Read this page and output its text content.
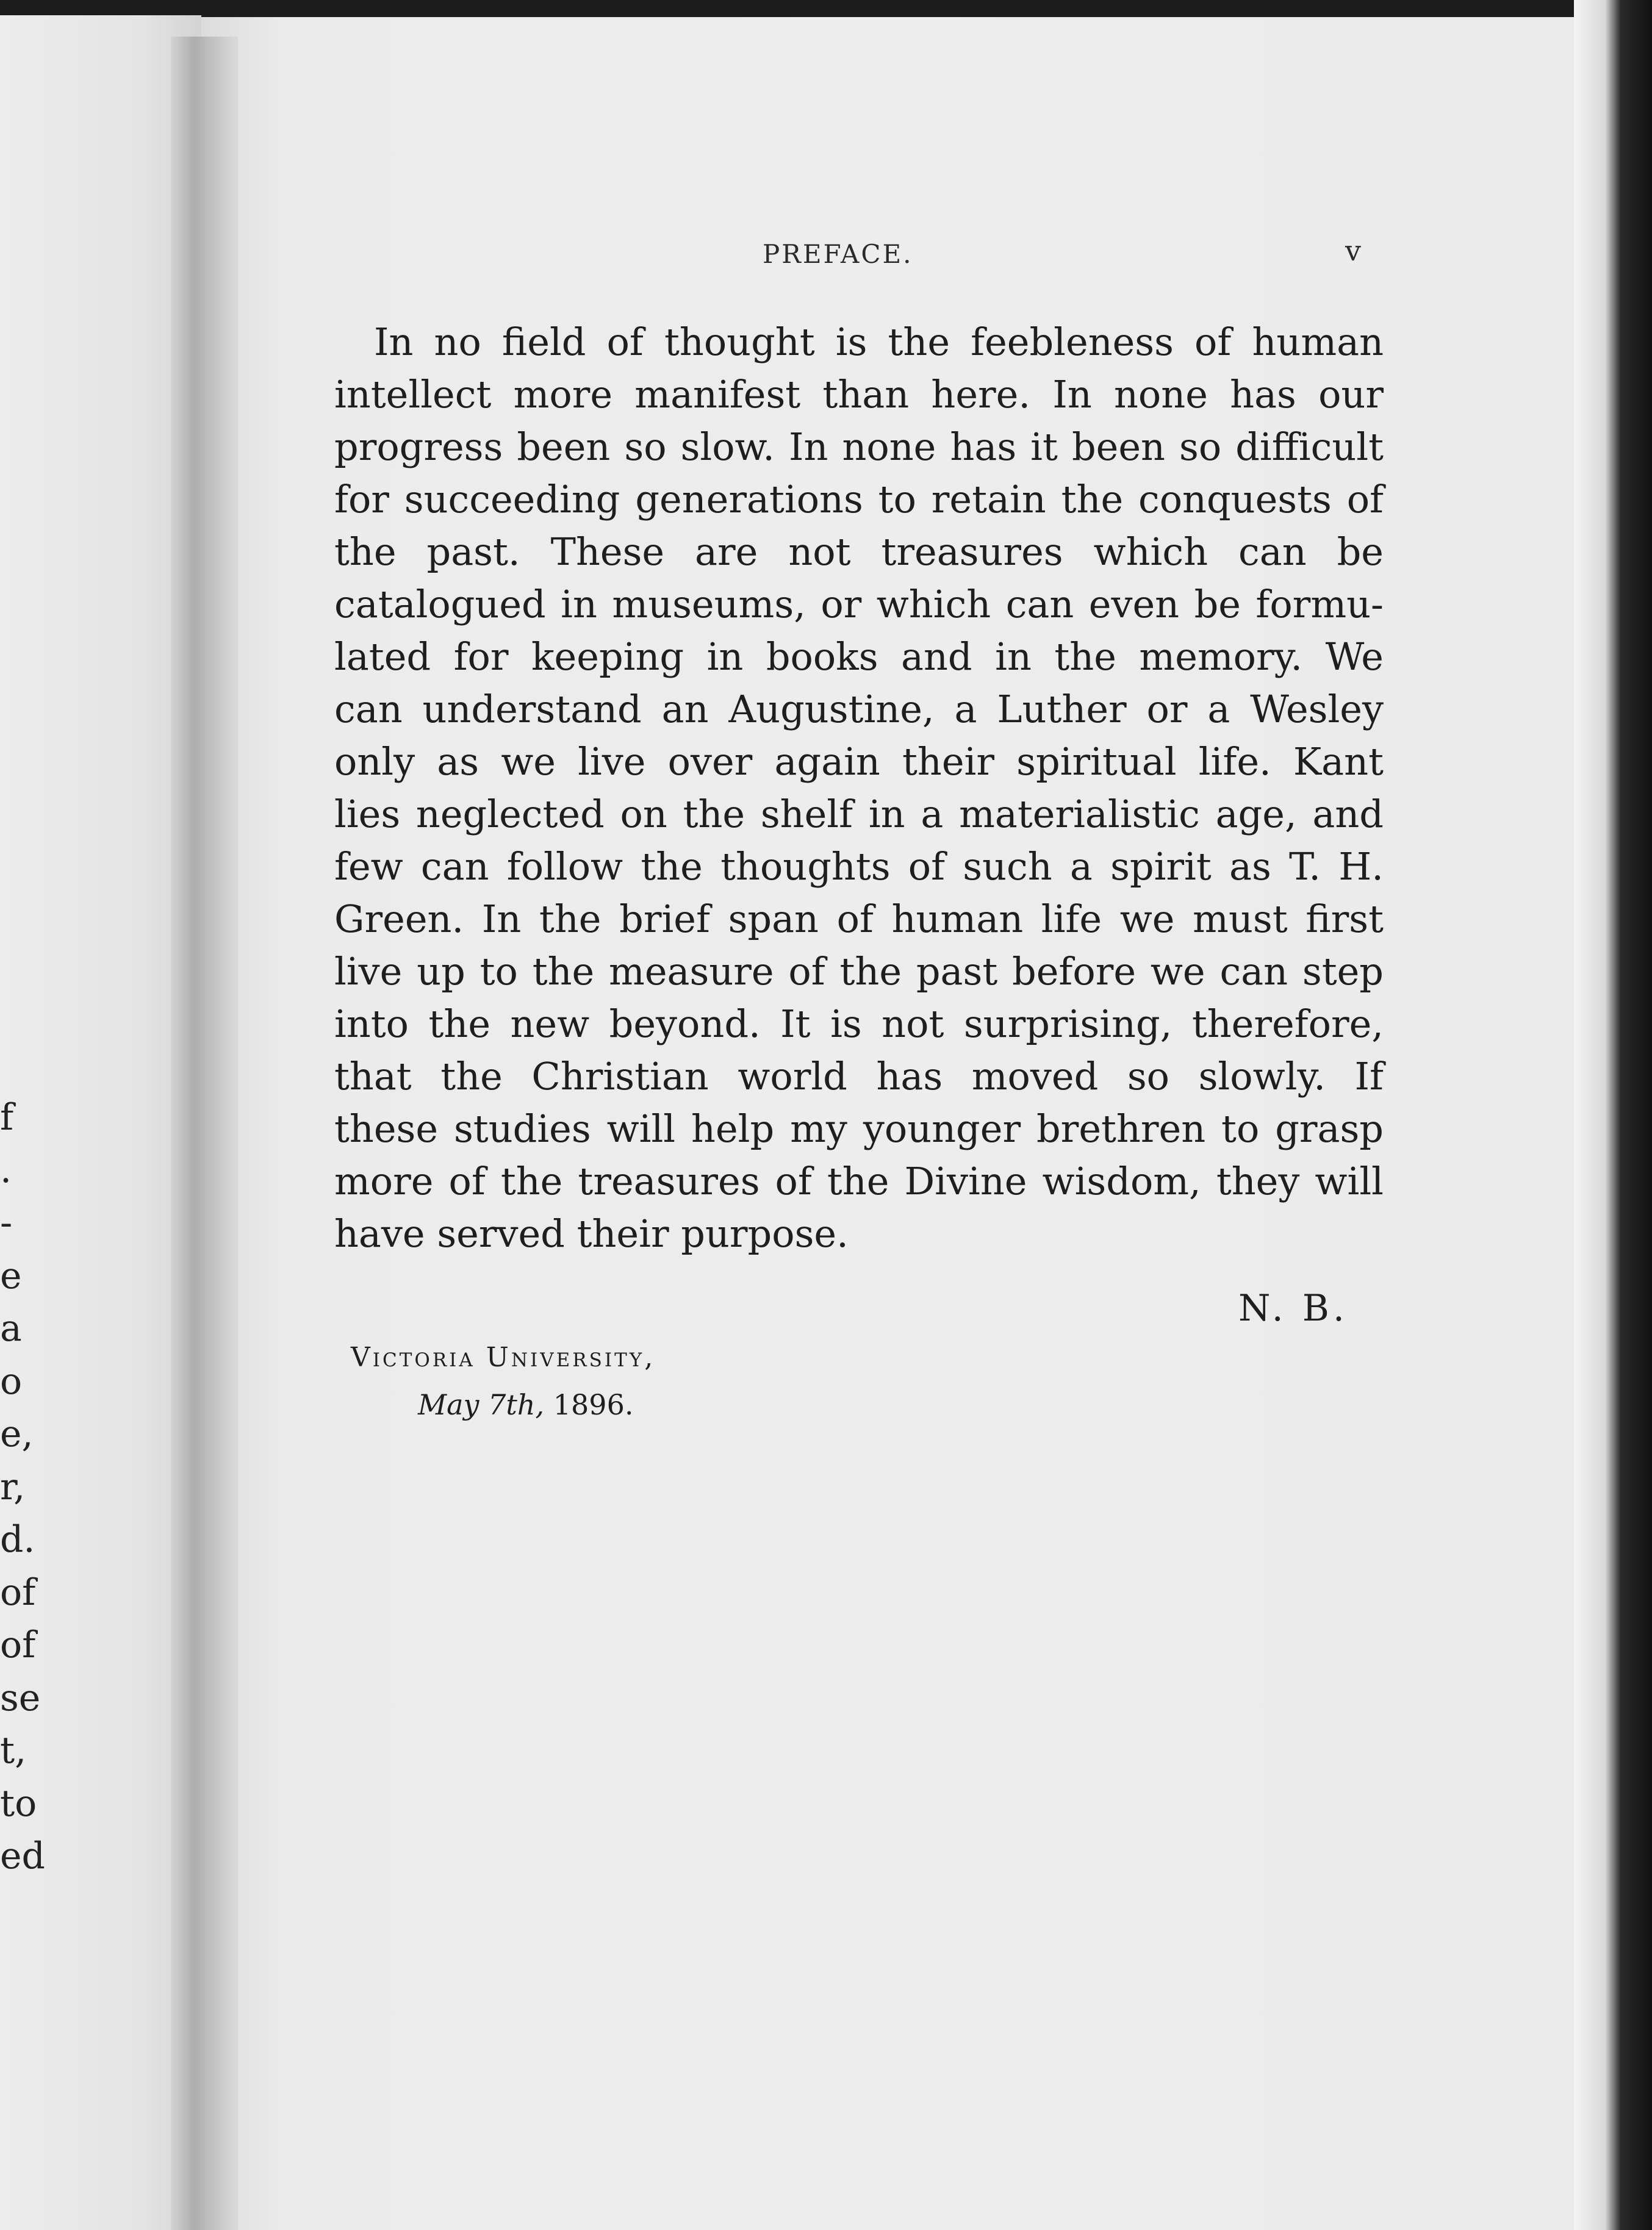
f
.
-
e
a
o
e,
r,
d.
of
of
se
t,
to
ed
PREFACE.	v
In no field of thought is the feebleness of human
intellect more manifest than here. In none has our
progress been so slow. In none has it been so difficult
for succeeding generations to retain the conquests of
the past. These are not treasures which can be
catalogued in museums, or which can even be formu-
lated for keeping in books and in the memory. We
can understand an Augustine, a Luther or a Wesley
only as we live over again their spiritual life. Kant
lies neglected on the shelf in a materialistic age, and
few can follow the thoughts of such a spirit as T. H.
Green. In the brief span of human life we must first
live up to the measure of the past before we can step
into the new beyond. It is not surprising, therefore,
that the Christian world has moved so slowly. If
these studies will help my younger brethren to grasp
more of the treasures of the Divine wisdom, they will
have served their purpose.
N. B.
Victoria University,
May 7th, 1896.
